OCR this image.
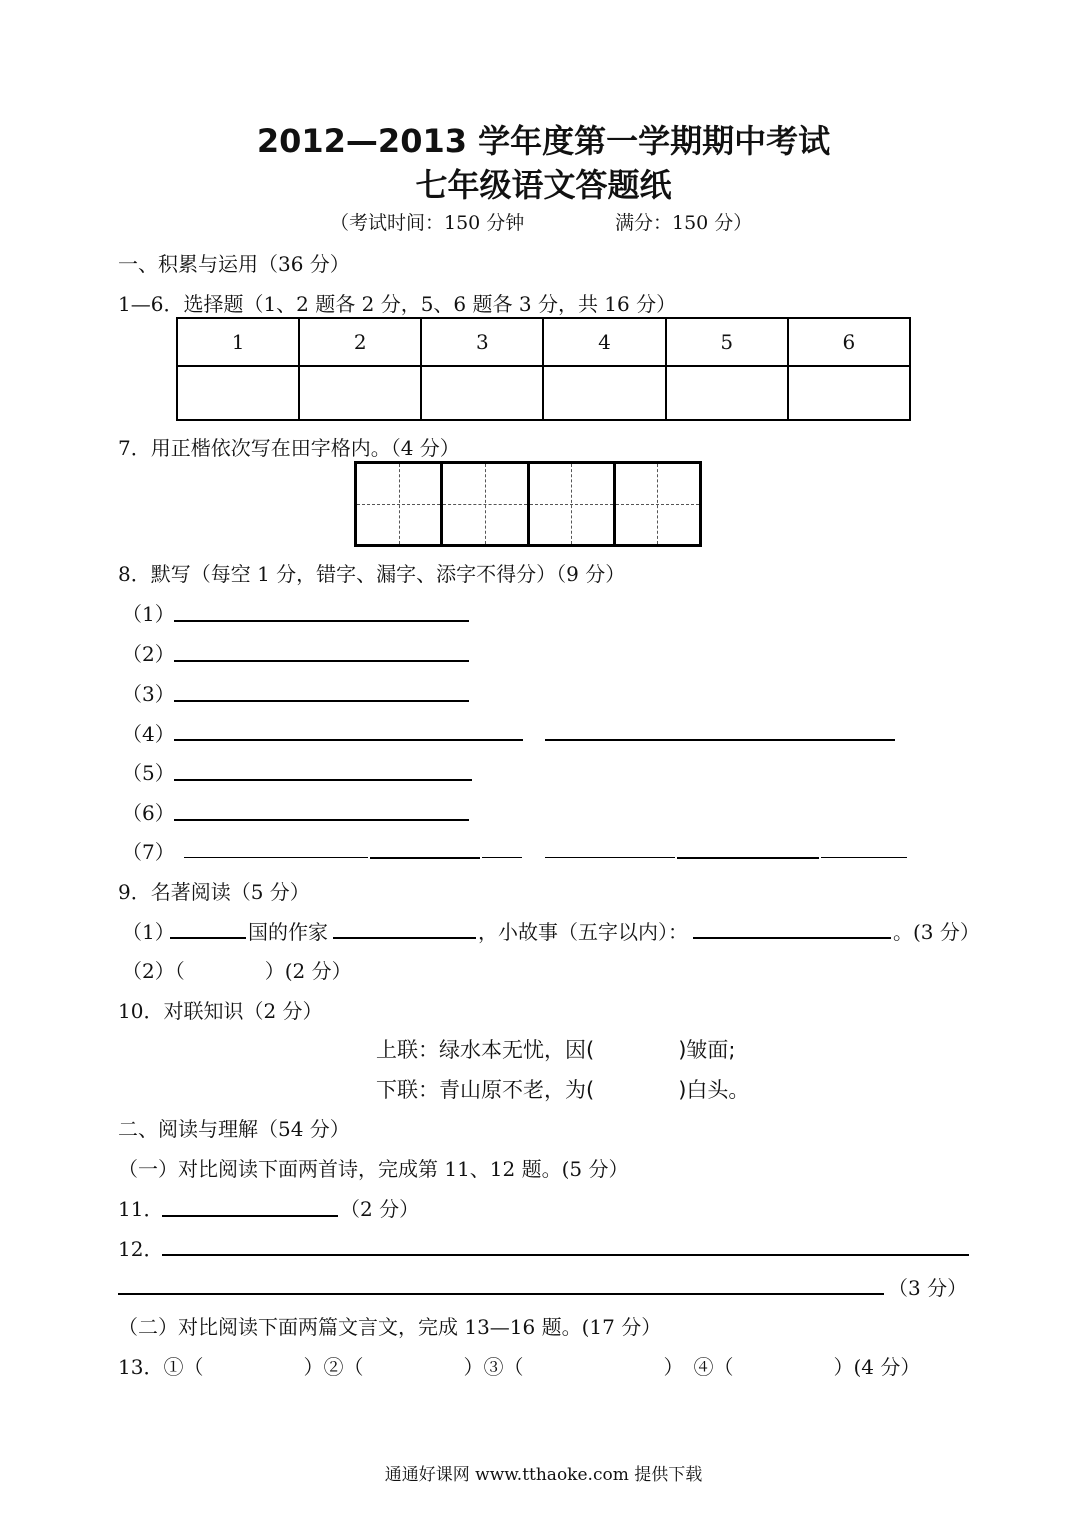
2012—2013 学年度第一学期期中考试
七年级语文答题纸
（考试时间：150 分钟	满分：150 分）
一、积累与运用（36 分）
1—6．选择题（1、2 题各 2 分，5、6 题各 3 分，共 16 分）
1	2	3	4	5	6

7．用正楷依次写在田字格内。（4 分）
8．默写（每空 1 分，错字、漏字、添字不得分）（9 分）
（1）
（2）
（3）
（4）
（5）
（6）
（7）
9．名著阅读（5 分）
（1）	国的作家	，小故事（五字以内）：	。(3 分）
（2）（　　　　）(2 分）
10．对联知识（2 分）
上联：绿水本无忧，因(　　　　)皱面;
下联：青山原不老，为(　　　　)白头。
二、阅读与理解（54 分）
（一）对比阅读下面两首诗，完成第 11、12 题。(5 分）
11．	（2 分）
12．
（3 分）
（二）对比阅读下面两篇文言文，完成 13—16 题。(17 分）
13．①（　　　　　）②（　　　　　）③（　　　　　　　）　④（　　　　　）(4 分）
通通好课网 www.tthaoke.com 提供下载
